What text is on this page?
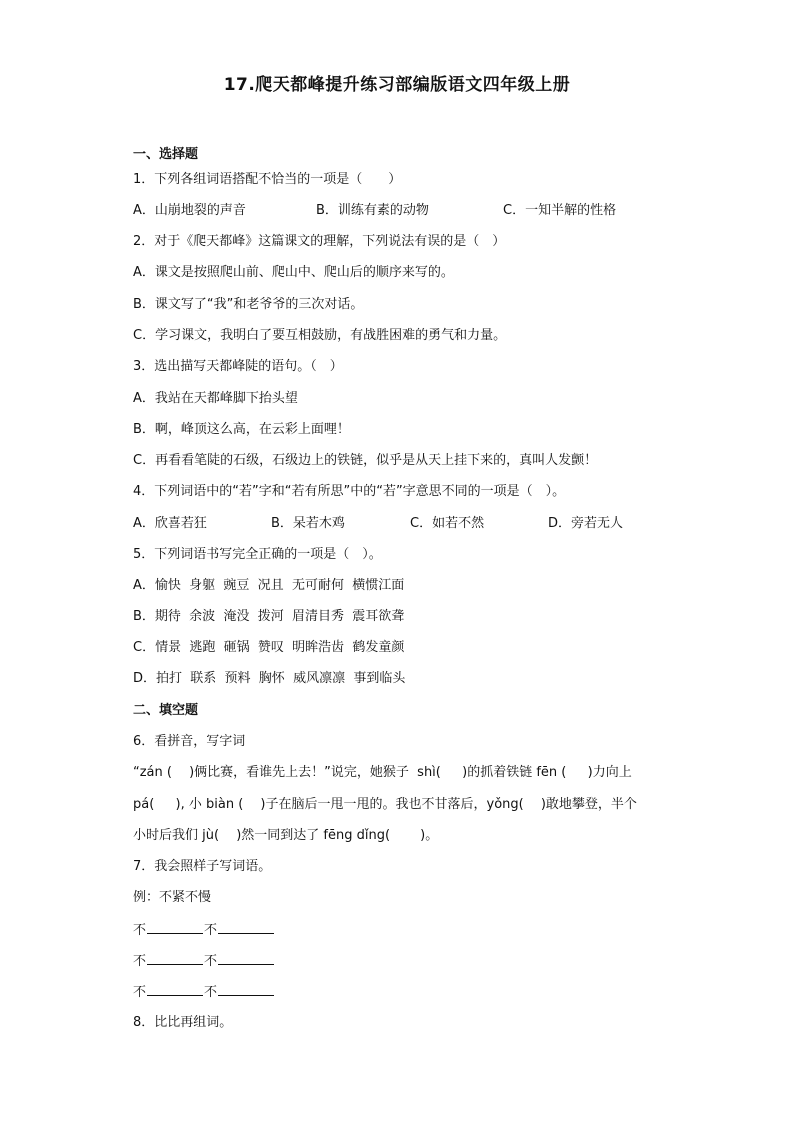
17.爬天都峰提升练习部编版语文四年级上册
一、选择题
1．下列各组词语搭配不恰当的一项是（　　）
A．山崩地裂的声音	B．训练有素的动物	C．一知半解的性格
2．对于《爬天都峰》这篇课文的理解，下列说法有误的是（　）
A．课文是按照爬山前、爬山中、爬山后的顺序来写的。
B．课文写了“我”和老爷爷的三次对话。
C．学习课文，我明白了要互相鼓励，有战胜困难的勇气和力量。
3．选出描写天都峰陡的语句。（　）
A．我站在天都峰脚下抬头望
B．啊，峰顶这么高，在云彩上面哩！
C．再看看笔陡的石级，石级边上的铁链，似乎是从天上挂下来的，真叫人发颤！
4．下列词语中的“若”字和“若有所思”中的“若”字意思不同的一项是（　）。
A．欣喜若狂	B．呆若木鸡	C．如若不然	D．旁若无人
5．下列词语书写完全正确的一项是（　）。
A．愉快  身躯  豌豆  况且  无可耐何  横惯江面
B．期待  余波  淹没  拨河  眉清目秀  震耳欲聋
C．情景  逃跑  砸锅  赞叹  明眸浩齿  鹤发童颜
D．拍打  联系  预料  胸怀  威风凛凛  事到临头
二、填空题
6．看拼音，写字词
“zán (　 )俩比赛，看谁先上去！”说完，她猴子  shì(　  )的抓着铁链 fēn (　  )力向上
pá(　  ), 小 biàn (　 )子在脑后一甩一甩的。我也不甘落后，yǒng(　 )敢地攀登，半个
小时后我们 jù(　 )然一同到达了 fēng dǐng(　　 )。
7．我会照样子写词语。
例：不紧不慢
不	不
不	不
不	不
8．比比再组词。
